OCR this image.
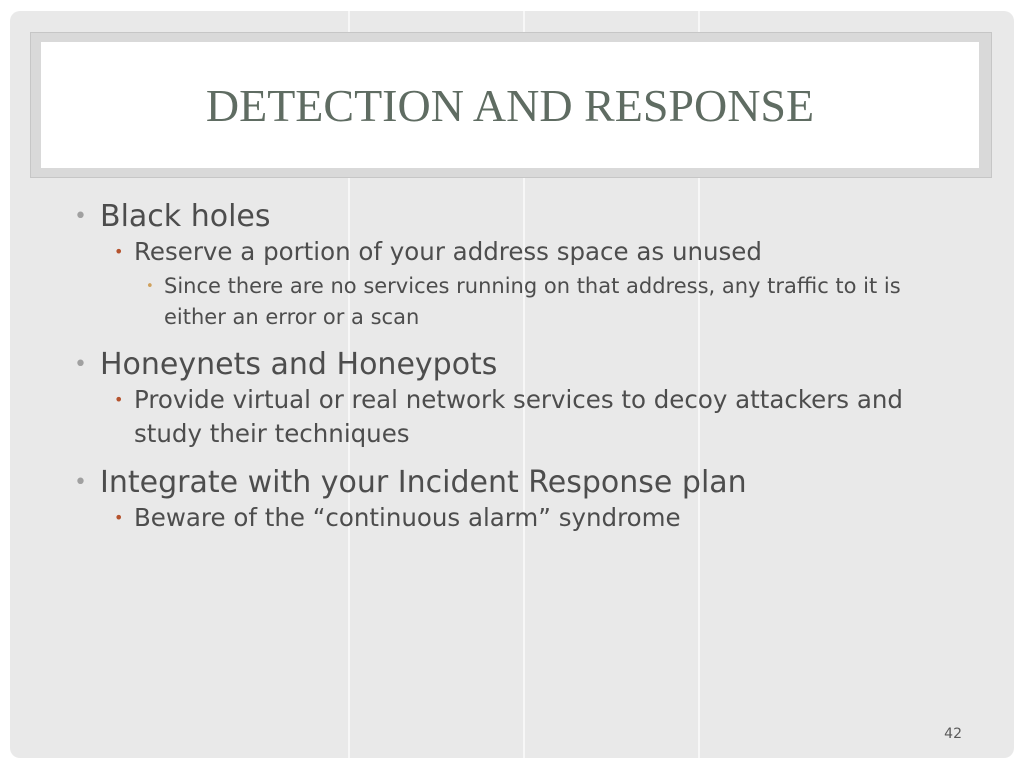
DETECTION AND RESPONSE
• Black holes
• Reserve a portion of your address space as unused
• Since there are no services running on that address, any traffic to it is either an error or a scan
• Honeynets and Honeypots
• Provide virtual or real network services to decoy attackers and study their techniques
• Integrate with your Incident Response plan
• Beware of the “continuous alarm” syndrome
42
